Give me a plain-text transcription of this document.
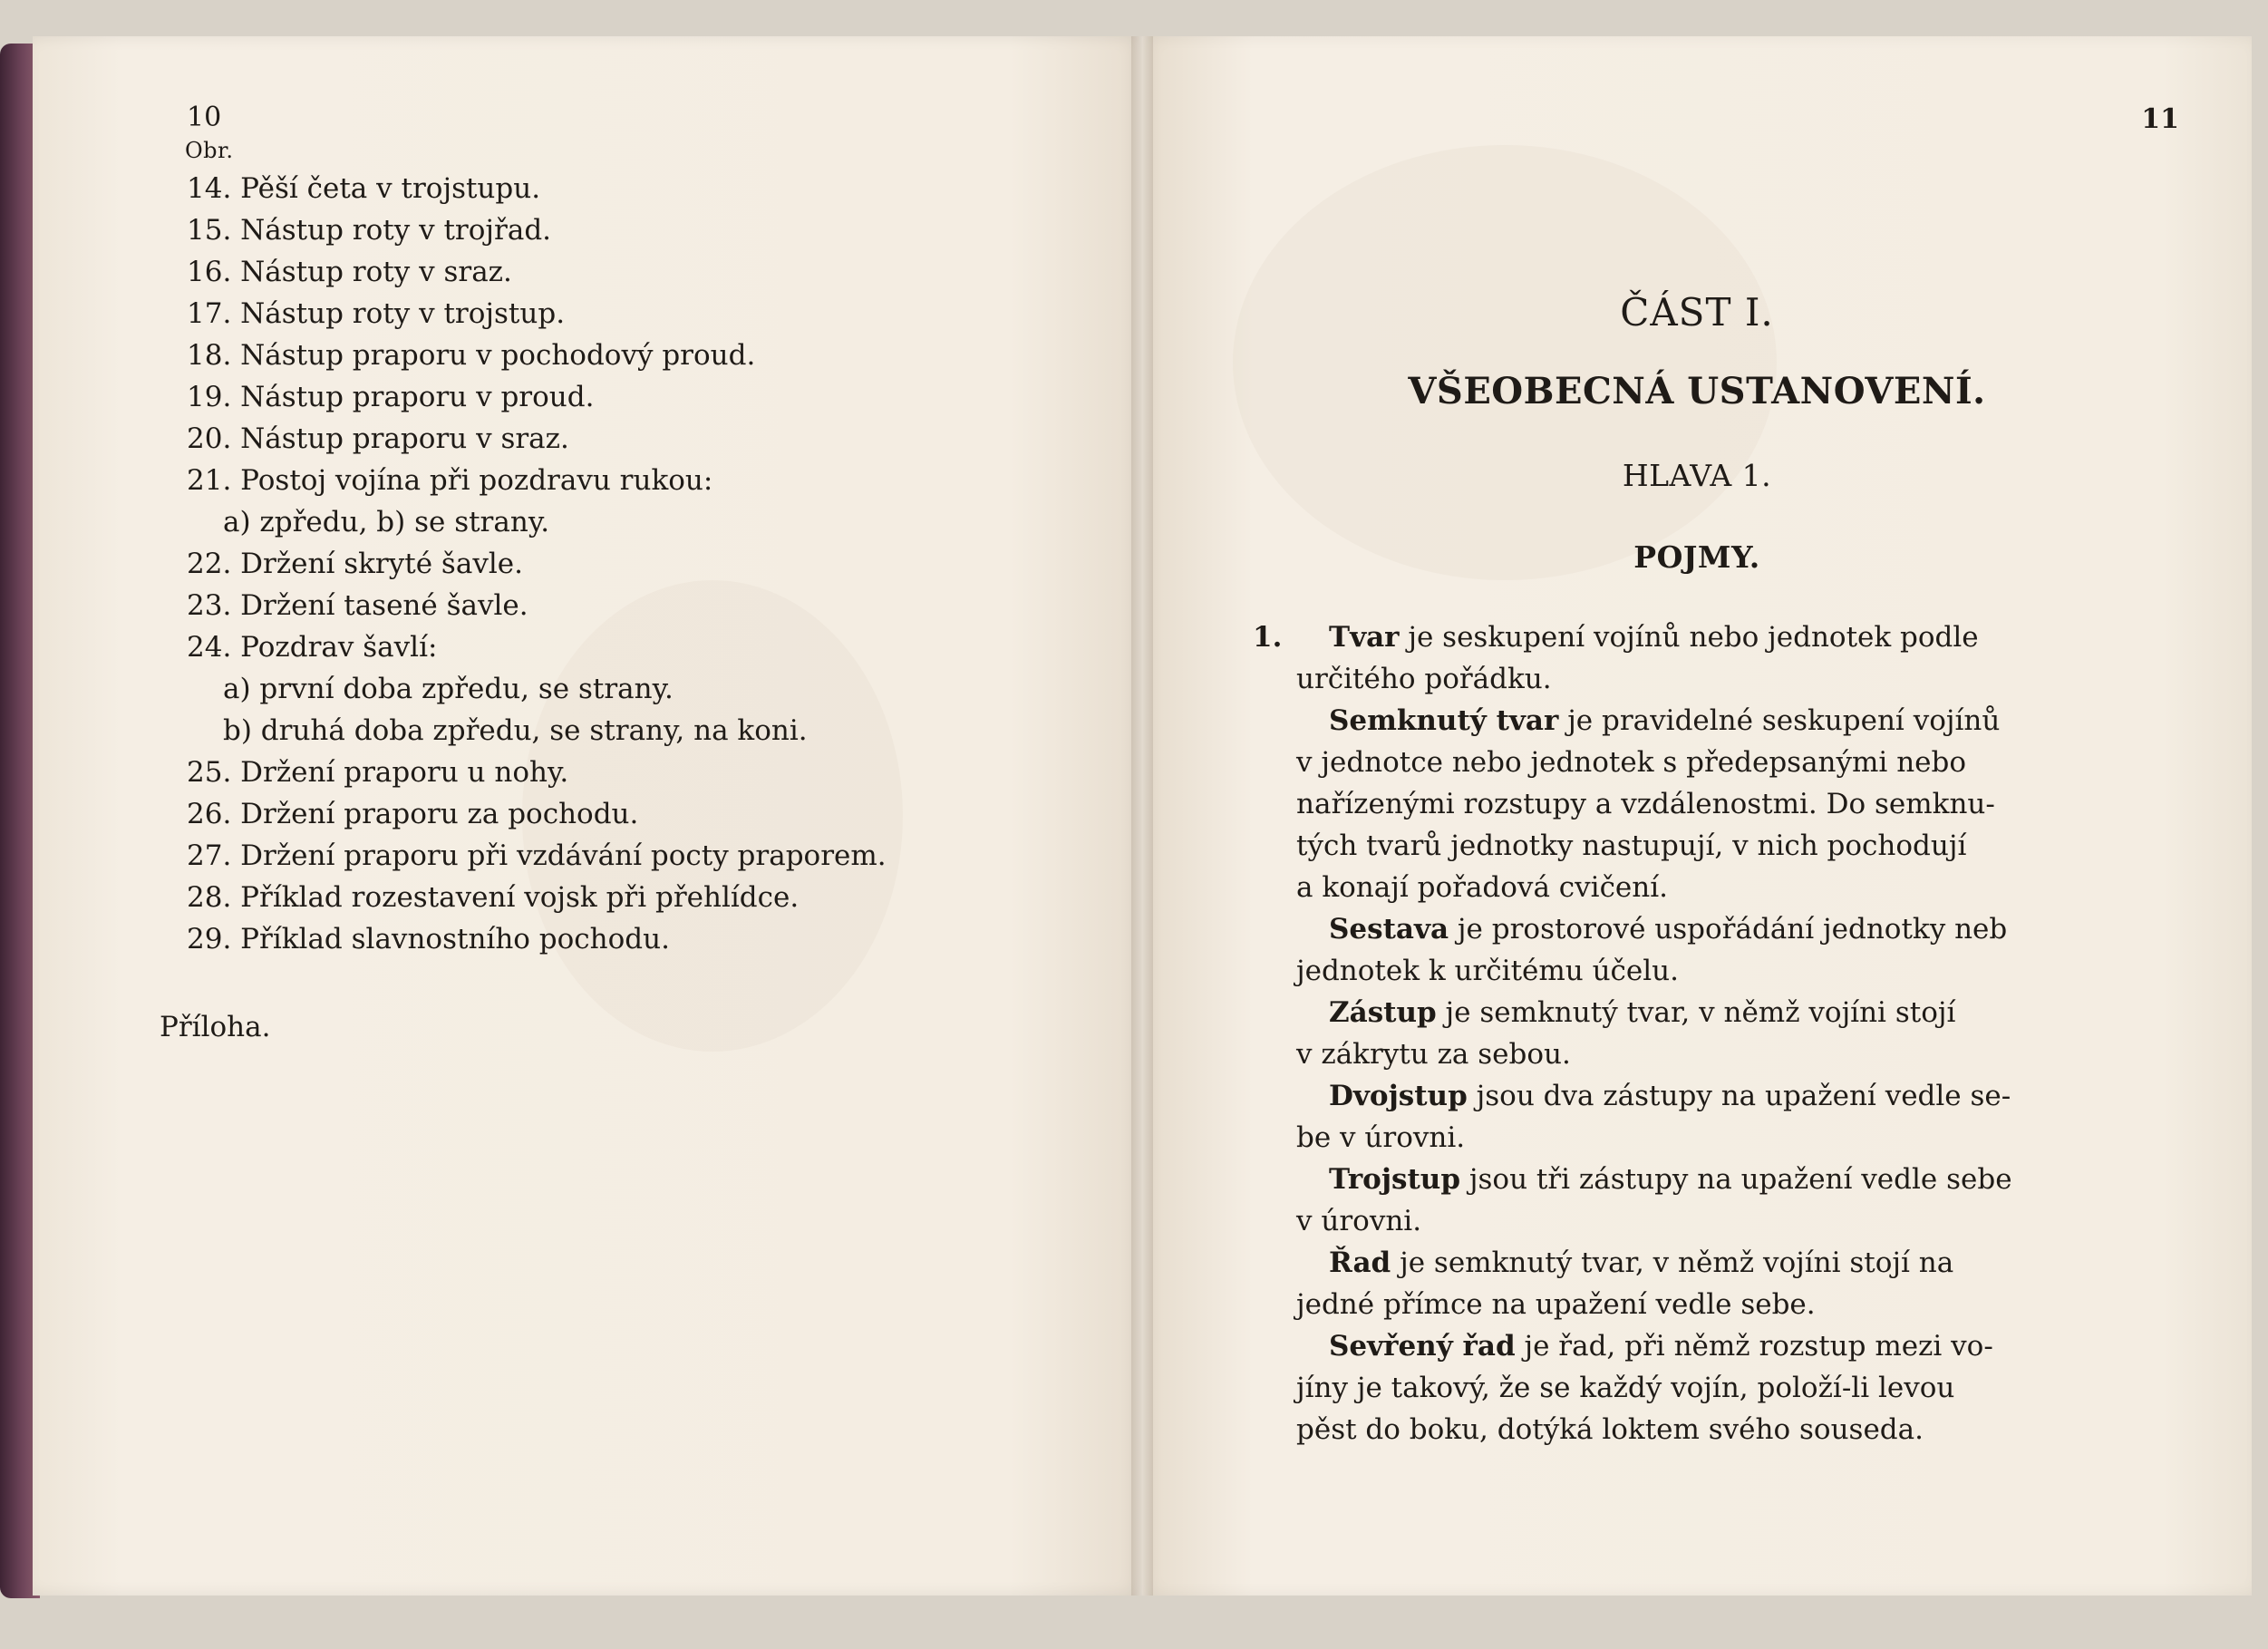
10
Obr.
14. Pěší četa v trojstupu.
15. Nástup roty v trojřad.
16. Nástup roty v sraz.
17. Nástup roty v trojstup.
18. Nástup praporu v pochodový proud.
19. Nástup praporu v proud.
20. Nástup praporu v sraz.
21. Postoj vojína při pozdravu rukou:
a) zpředu, b) se strany.
22. Držení skryté šavle.
23. Držení tasené šavle.
24. Pozdrav šavlí:
a) první doba zpředu, se strany.
b) druhá doba zpředu, se strany, na koni.
25. Držení praporu u nohy.
26. Držení praporu za pochodu.
27. Držení praporu při vzdávání pocty praporem.
28. Příklad rozestavení vojsk při přehlídce.
29. Příklad slavnostního pochodu.
Příloha.
11
ČÁST I.
VŠEOBECNÁ USTANOVENÍ.
HLAVA 1.
POJMY.
1.	Tvar je seskupení vojínů nebo jednotek podle
určitého pořádku.
Semknutý tvar je pravidelné seskupení vojínů
v jednotce nebo jednotek s předepsanými nebo
nařízenými rozstupy a vzdálenostmi. Do semknu-
tých tvarů jednotky nastupují, v nich pochodují
a konají pořadová cvičení.
Sestava je prostorové uspořádání jednotky neb
jednotek k určitému účelu.
Zástup je semknutý tvar, v němž vojíni stojí
v zákrytu za sebou.
Dvojstup jsou dva zástupy na upažení vedle se-
be v úrovni.
Trojstup jsou tři zástupy na upažení vedle sebe
v úrovni.
Řad je semknutý tvar, v němž vojíni stojí na
jedné přímce na upažení vedle sebe.
Sevřený řad je řad, při němž rozstup mezi vo-
jíny je takový, že se každý vojín, položí-li levou
pěst do boku, dotýká loktem svého souseda.
